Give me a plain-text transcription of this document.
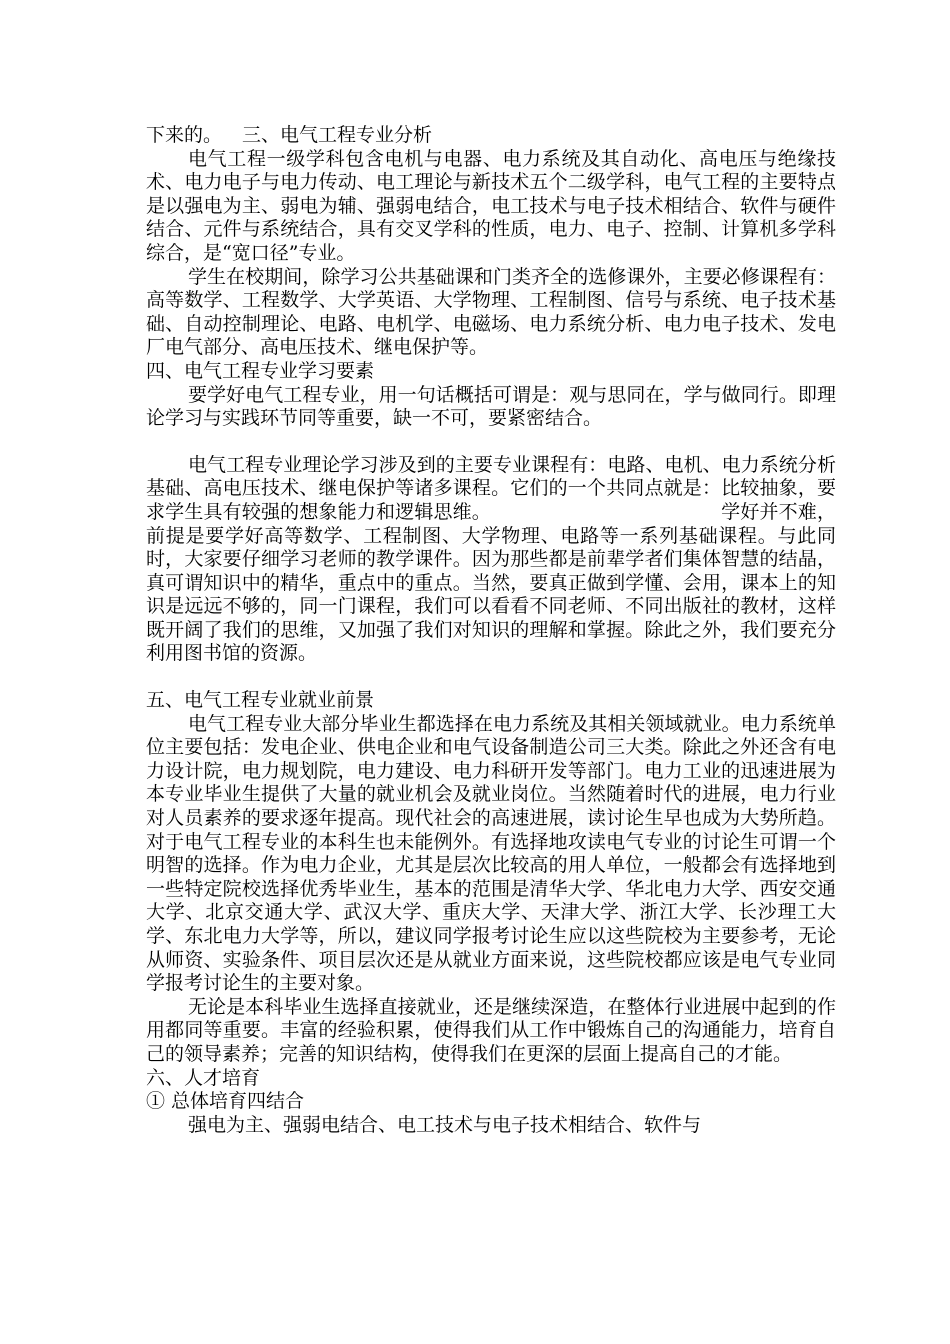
下来的。 三、电气工程专业分析

电气工程一级学科包含电机与电器、电力系统及其自动化、高电压与绝缘技术、电力电子与电力传动、电工理论与新技术五个二级学科，电气工程的主要特点是以强电为主、弱电为辅、强弱电结合，电工技术与电子技术相结合、软件与硬件结合、元件与系统结合，具有交叉学科的性质，电力、电子、控制、计算机多学科综合，是“宽口径”专业。

学生在校期间，除学习公共基础课和门类齐全的选修课外，主要必修课程有：高等数学、工程数学、大学英语、大学物理、工程制图、信号与系统、电子技术基础、自动控制理论、电路、电机学、电磁场、电力系统分析、电力电子技术、发电厂电气部分、高电压技术、继电保护等。

四、电气工程专业学习要素

要学好电气工程专业，用一句话概括可谓是：观与思同在，学与做同行。即理论学习与实践环节同等重要，缺一不可，要紧密结合。

电气工程专业理论学习涉及到的主要专业课程有：电路、电机、电力系统分析基础、高电压技术、继电保护等诸多课程。它们的一个共同点就是：比较抽象，要求学生具有较强的想象能力和逻辑思维。	学好并不难，前提是要学好高等数学、工程制图、大学物理、电路等一系列基础课程。与此同时，大家要仔细学习老师的教学课件。因为那些都是前辈学者们集体智慧的结晶，真可谓知识中的精华，重点中的重点。当然，要真正做到学懂、会用，课本上的知识是远远不够的，同一门课程，我们可以看看不同老师、不同出版社的教材，这样既开阔了我们的思维，又加强了我们对知识的理解和掌握。除此之外，我们要充分利用图书馆的资源。

五、电气工程专业就业前景

电气工程专业大部分毕业生都选择在电力系统及其相关领域就业。电力系统单位主要包括：发电企业、供电企业和电气设备制造公司三大类。除此之外还含有电力设计院，电力规划院，电力建设、电力科研开发等部门。电力工业的迅速进展为本专业毕业生提供了大量的就业机会及就业岗位。当然随着时代的进展，电力行业对人员素养的要求逐年提高。现代社会的高速进展，读讨论生早也成为大势所趋。对于电气工程专业的本科生也未能例外。有选择地攻读电气专业的讨论生可谓一个明智的选择。作为电力企业，尤其是层次比较高的用人单位，一般都会有选择地到一些特定院校选择优秀毕业生，基本的范围是清华大学、华北电力大学、西安交通大学、北京交通大学、武汉大学、重庆大学、天津大学、浙江大学、长沙理工大学、东北电力大学等，所以，建议同学报考讨论生应以这些院校为主要参考，无论从师资、实验条件、项目层次还是从就业方面来说，这些院校都应该是电气专业同学报考讨论生的主要对象。

无论是本科毕业生选择直接就业，还是继续深造，在整体行业进展中起到的作用都同等重要。丰富的经验积累，使得我们从工作中锻炼自己的沟通能力，培育自己的领导素养；完善的知识结构，使得我们在更深的层面上提高自己的才能。

六、人才培育

① 总体培育四结合

强电为主、强弱电结合、电工技术与电子技术相结合、软件与
